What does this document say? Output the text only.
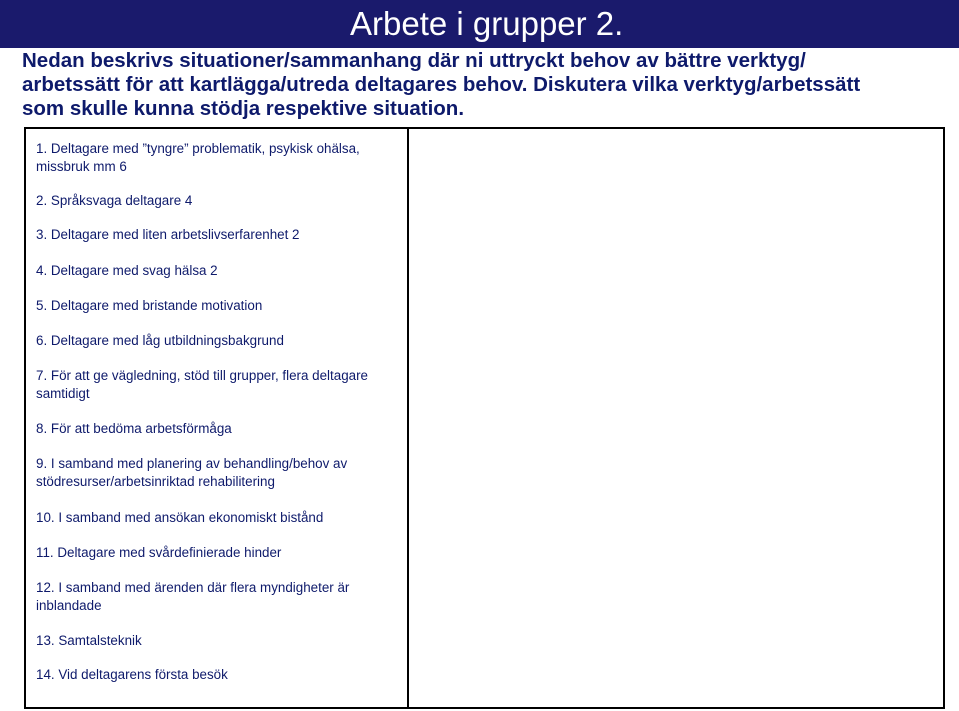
Arbete i grupper 2.
Nedan beskrivs situationer/sammanhang där ni uttryckt behov av bättre verktyg/
arbetssätt för att kartlägga/utreda deltagares behov. Diskutera vilka verktyg/arbetssätt
som skulle kunna stödja respektive situation.
1. Deltagare med ”tyngre” problematik, psykisk ohälsa,
missbruk mm 6
2. Språksvaga deltagare 4
3. Deltagare med liten arbetslivserfarenhet 2
4. Deltagare med svag hälsa 2
5. Deltagare med bristande motivation
6. Deltagare med låg utbildningsbakgrund
7. För att ge vägledning, stöd till grupper, flera deltagare
samtidigt
8. För att bedöma arbetsförmåga
9. I samband med planering av behandling/behov av
stödresurser/arbetsinriktad rehabilitering
10. I samband med ansökan ekonomiskt bistånd
11. Deltagare med svårdefinierade hinder
12. I samband med ärenden där flera myndigheter är
inblandade
13. Samtalsteknik
14. Vid deltagarens första besök
